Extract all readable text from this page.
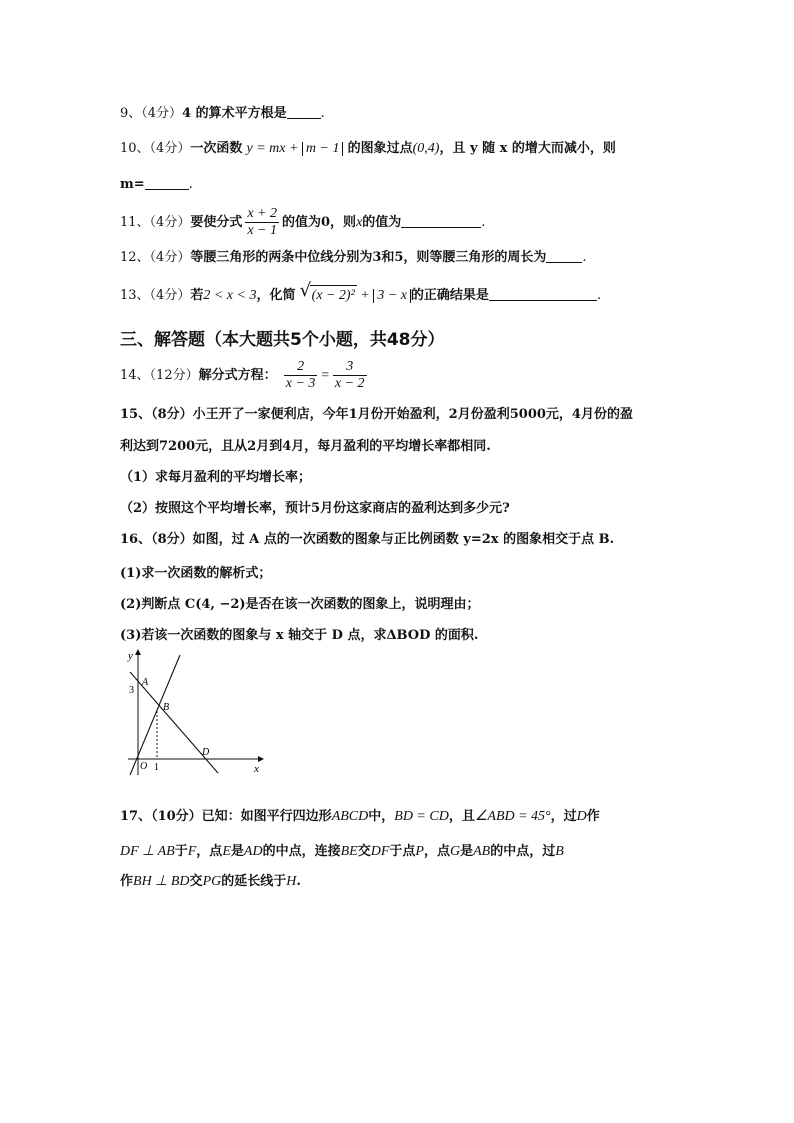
9、（4分）4 的算术平方根是	.
10、（4分）一次函数 y = mx + m − 1 的图象过点(0,4)，且 y 随 x 的增大而减小，则
m=	.
11、（4分）要使分式 $\frac{x + 2}{x - 1}$ 的值为0，则x的值为	.
12、（4分）等腰三角形的两条中位线分别为3和5，则等腰三角形的周长为	.
13、（4分）若2 < x < 3，化简 √ (x − 2)² + 3 − x 的正确结果是	.
三、解答题（本大题共5个小题，共48分）
14、（12分）解分式方程： $\frac{2}{x - 3} = \frac{3}{x - 2}$
15、（8分）小王开了一家便利店，今年1月份开始盈利，2月份盈利5000元，4月份的盈
利达到7200元，且从2月到4月，每月盈利的平均增长率都相同.
（1）求每月盈利的平均增长率；
（2）按照这个平均增长率，预计5月份这家商店的盈利达到多少元?
16、（8分）如图，过 A 点的一次函数的图象与正比例函数 y=2x 的图象相交于点 B.
(1)求一次函数的解析式；
(2)判断点 C(4, −2)是否在该一次函数的图象上，说明理由；
(3)若该一次函数的图象与 x 轴交于 D 点，求ΔBOD 的面积.
y
x
O
3
1
A
B
D
17、（10分）已知：如图平行四边形ABCD中，BD = CD，且∠ABD = 45°，过D作
DF ⊥ AB于F，点E是AD的中点，连接BE交DF于点P，点G是AB的中点，过B
作BH ⊥ BD交PG的延长线于H.
